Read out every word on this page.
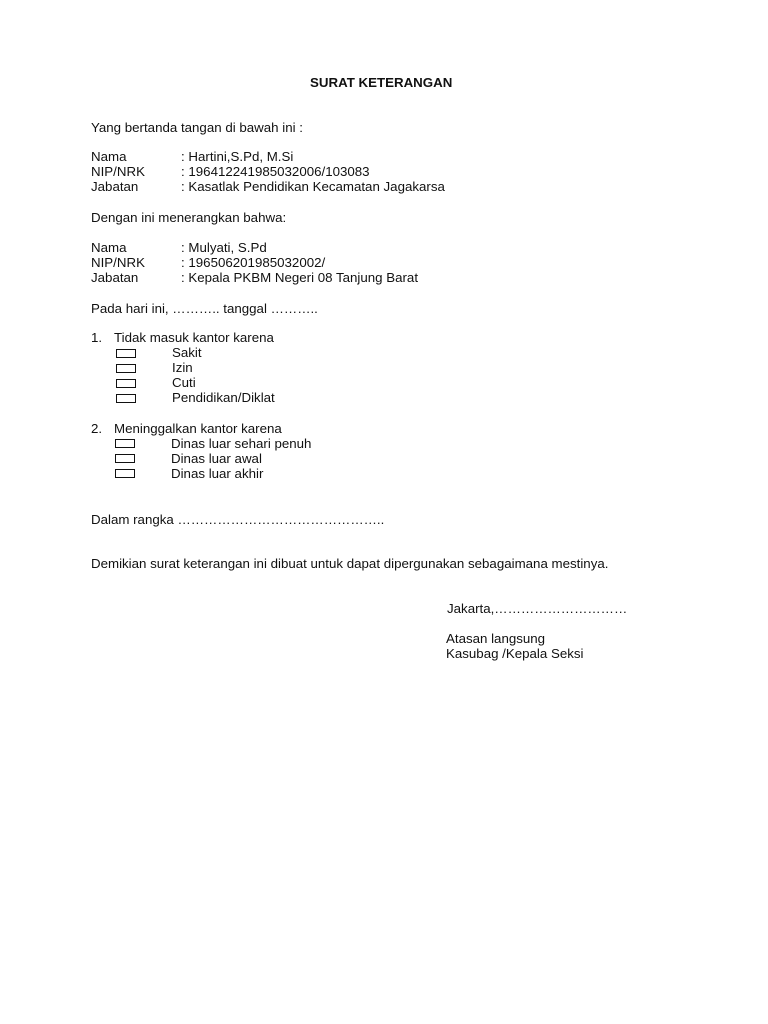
SURAT KETERANGAN
Yang bertanda tangan di bawah ini :
Nama	: Hartini,S.Pd, M.Si
NIP/NRK	: 196412241985032006/103083
Jabatan	: Kasatlak Pendidikan Kecamatan Jagakarsa
Dengan ini menerangkan bahwa:
Nama	: Mulyati, S.Pd
NIP/NRK	: 196506201985032002/
Jabatan	: Kepala PKBM Negeri 08 Tanjung Barat
Pada hari ini, ……….. tanggal ………..
1. Tidak masuk kantor karena
Sakit
Izin
Cuti
Pendidikan/Diklat
2. Meninggalkan kantor karena
Dinas luar sehari penuh
Dinas luar awal
Dinas luar akhir
Dalam rangka ………………………………………..
Demikian surat keterangan ini dibuat untuk dapat dipergunakan sebagaimana mestinya.
Jakarta,…………………………
Atasan langsung
Kasubag /Kepala Seksi
